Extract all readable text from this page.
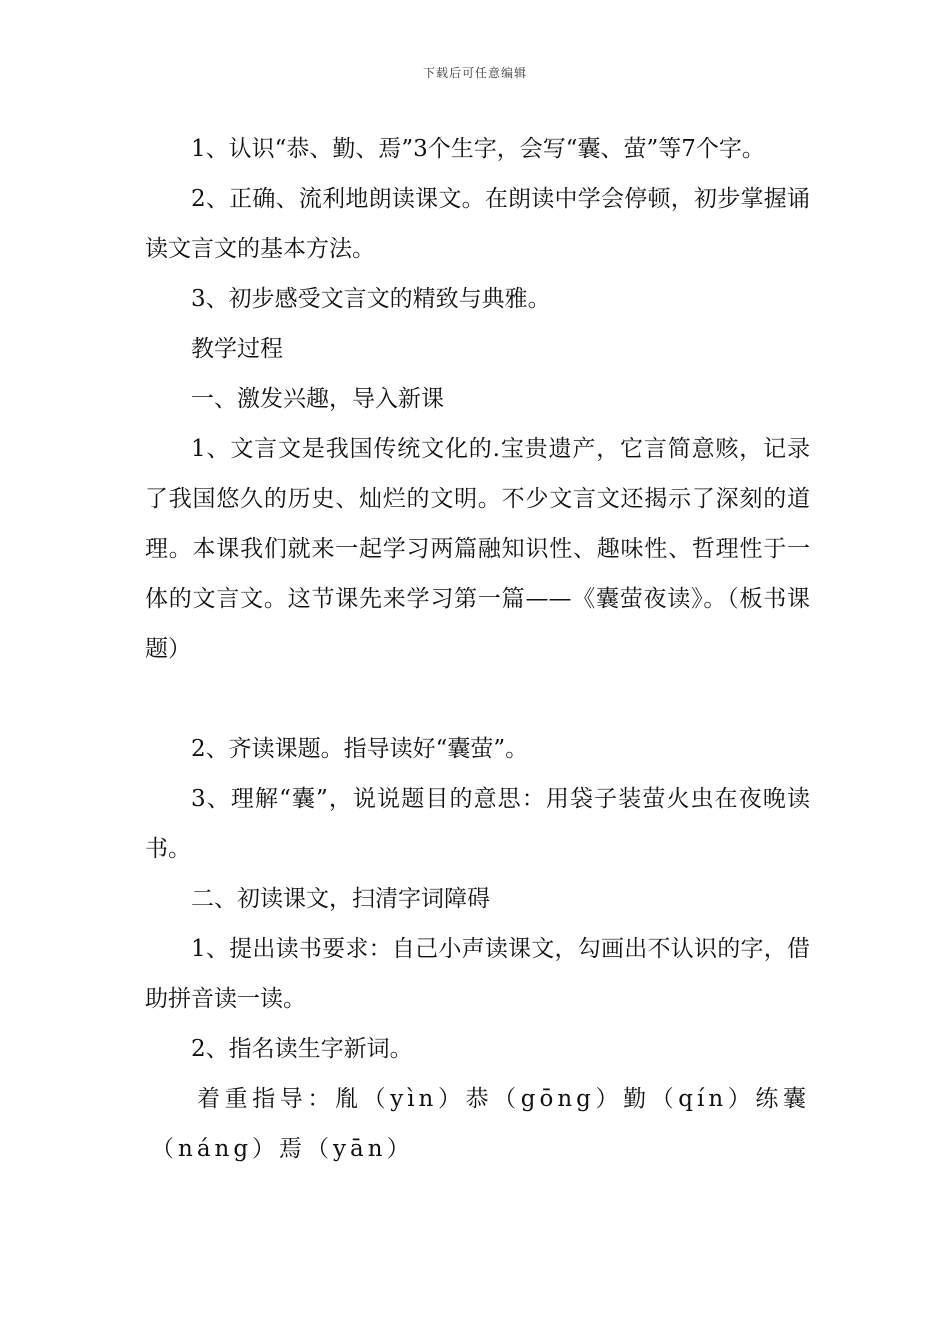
下载后可任意编辑

1、认识“恭、勤、焉”3个生字，会写“囊、萤”等7个字。

2、正确、流利地朗读课文。在朗读中学会停顿，初步掌握诵读文言文的基本方法。

3、初步感受文言文的精致与典雅。

教学过程

一、激发兴趣，导入新课

1、文言文是我国传统文化的.宝贵遗产，它言简意赅，记录了我国悠久的历史、灿烂的文明。不少文言文还揭示了深刻的道理。本课我们就来一起学习两篇融知识性、趣味性、哲理性于一体的文言文。这节课先来学习第一篇——《囊萤夜读》。（板书课题）

2、齐读课题。指导读好“囊萤”。

3、理解“囊”，说说题目的意思：用袋子装萤火虫在夜晚读书。

二、初读课文，扫清字词障碍

1、提出读书要求：自己小声读课文，勾画出不认识的字，借助拼音读一读。

2、指名读生字新词。

着重指导：胤（yìn）恭（gōng）勤（qín）练囊（náng）焉（yān）
